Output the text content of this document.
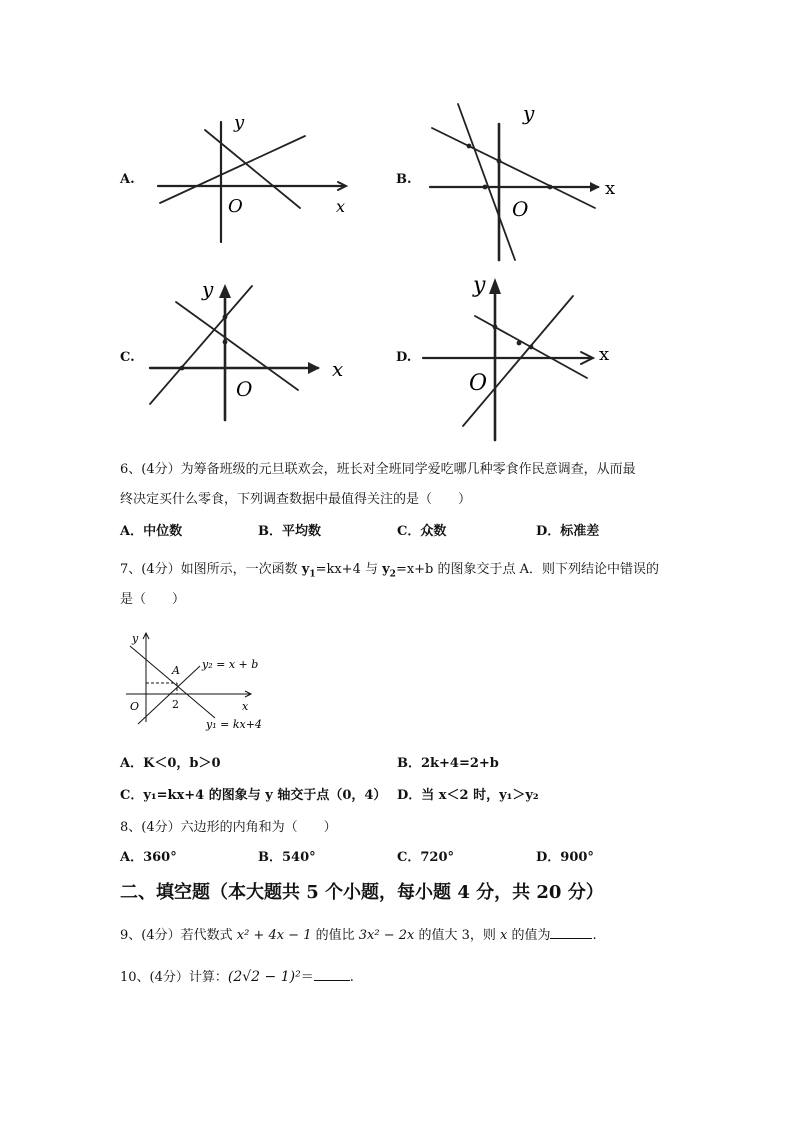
A.
y
x
O
B.
y
x
O
C.
y
x
O
D.
y
x
O
6、(4分）为筹备班级的元旦联欢会，班长对全班同学爱吃哪几种零食作民意调查，从而最
终决定买什么零食，下列调查数据中最值得关注的是（　　）
A．中位数	B．平均数	C．众数	D．标准差
7、(4分）如图所示，一次函数 $y_1=kx+4$ 与 $y_2=x+b$ 的图象交于点 A．则下列结论中错误的
是（　　）
y
x
O
A
2
y₂ = x + b
y₁ = kx+4
A．K＜0，b＞0	B．2k+4=2+b
C．y₁=kx+4 的图象与 y 轴交于点（0，4） D．当 x＜2 时，y₁＞y₂
8、(4分）六边形的内角和为（　　）
A．360°	B．540°	C．720°	D．900°
二、填空题（本大题共 5 个小题，每小题 4 分，共 20 分）
9、(4分）若代数式 x² + 4x − 1 的值比 3x² − 2x 的值大 3，则 x 的值为	.
10、(4分）计算：(2√2 − 1)²＝	.
